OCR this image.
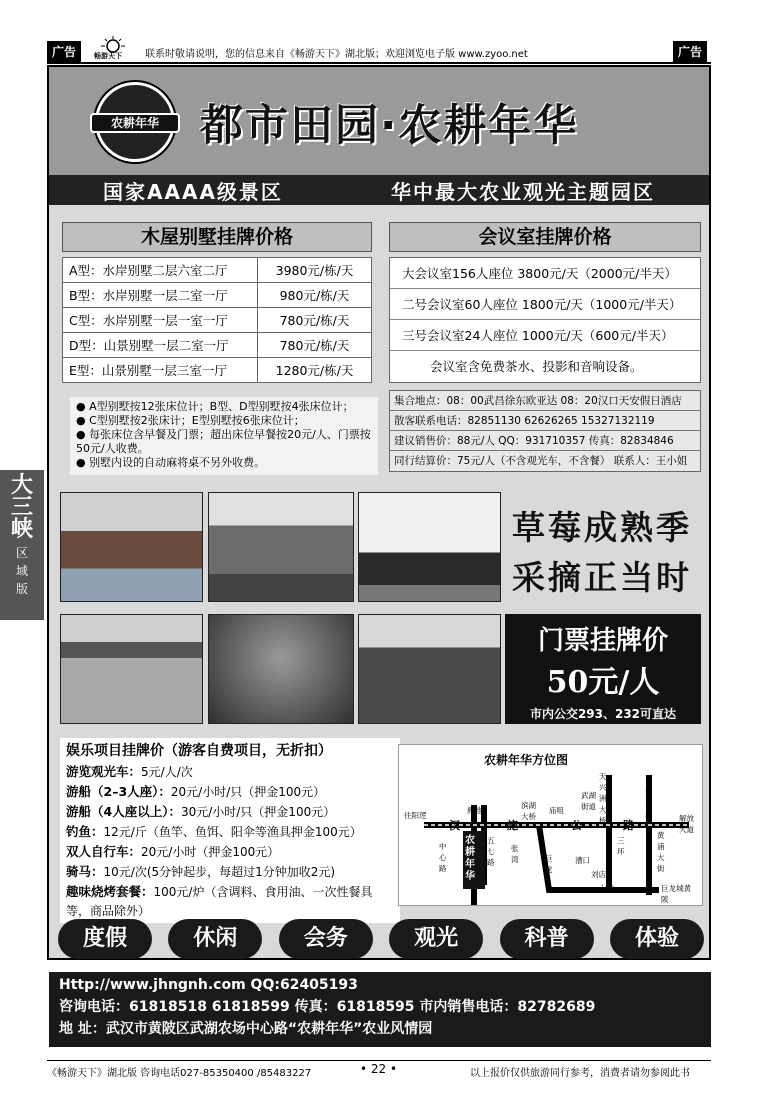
广告	畅游天下 联系时敬请说明，您的信息来自《畅游天下》湖北版；欢迎浏览电子版 www.zyoo.net	广告
大
三
峡
区
域
版
农耕年华 都市田园·农耕年华
国家AAAA级景区	华中最大农业观光主题园区
木屋别墅挂牌价格
A型：水岸别墅二层六室二厅	3980元/栋/天
B型：水岸别墅一层二室一厅	980元/栋/天
C型：水岸别墅一层一室一厅	780元/栋/天
D型：山景别墅一层二室一厅	780元/栋/天
E型：山景别墅一层三室一厅	1280元/栋/天
● A型别墅按12张床位计；B型、D型别墅按4张床位计；
● C型别墅按2张床计；E型别墅按6张床位计；
● 每张床位含早餐及门票；超出床位早餐按20元/人、门票按50元/人收费。
● 别墅内设的自动麻将桌不另外收费。
会议室挂牌价格
大会议室156人座位 3800元/天（2000元/半天）
二号会议室60人座位 1800元/天（1000元/半天）
三号会议室24人座位 1000元/天（600元/半天）
会议室含免费茶水、投影和音响设备。
集合地点：08：00武昌徐东欧亚达 08：20汉口天安假日酒店
散客联系电话：82851130 62626265 15327132119
建议销售价：88元/人 QQ：931710357 传真：82834846
同行结算价：75元/人（不含观光车，不含餐） 联系人：王小姐
草莓成熟季
采摘正当时
门票挂牌价
50元/人
市内公交293、232可直达
娱乐项目挂牌价（游客自费项目，无折扣）
游览观光车：5元/人/次
游船（2–3人座）：20元/小时/只（押金100元）
游船（4人座以上）：30元/小时/只（押金100元）
钓鱼：12元/斤（鱼竿、鱼饵、阳伞等渔具押金100元）
双人自行车：20元/小时（押金100元）
骑马：10元/次(5分钟起步，每超过1分钟加收2元)
趣味烧烤套餐：100元/炉（含调料、食用油、一次性餐具等，商品除外）
农耕年华方位图
往阳逻
熟地
滨湖大桥
庙咀
武湖街道
天兴洲大桥
长江二桥	解放大道
汉	施	公	路
五七路
张湾
三环
黄浦大街
中心路
农耕年华
巨龙
漕口
刘店
大道	巨龙城黄陂
度假	休闲	会务	观光	科普	体验
Http://www.jhngnh.com QQ:62405193
咨询电话：61818518 61818599 传真：61818595 市内销售电话：82782689
地 址：武汉市黄陂区武湖农场中心路“农耕年华”农业风情园
《畅游天下》湖北版 咨询电话027-85350400 /85483227	• 22 •	以上报价仅供旅游同行参考，消费者请勿参阅此书
